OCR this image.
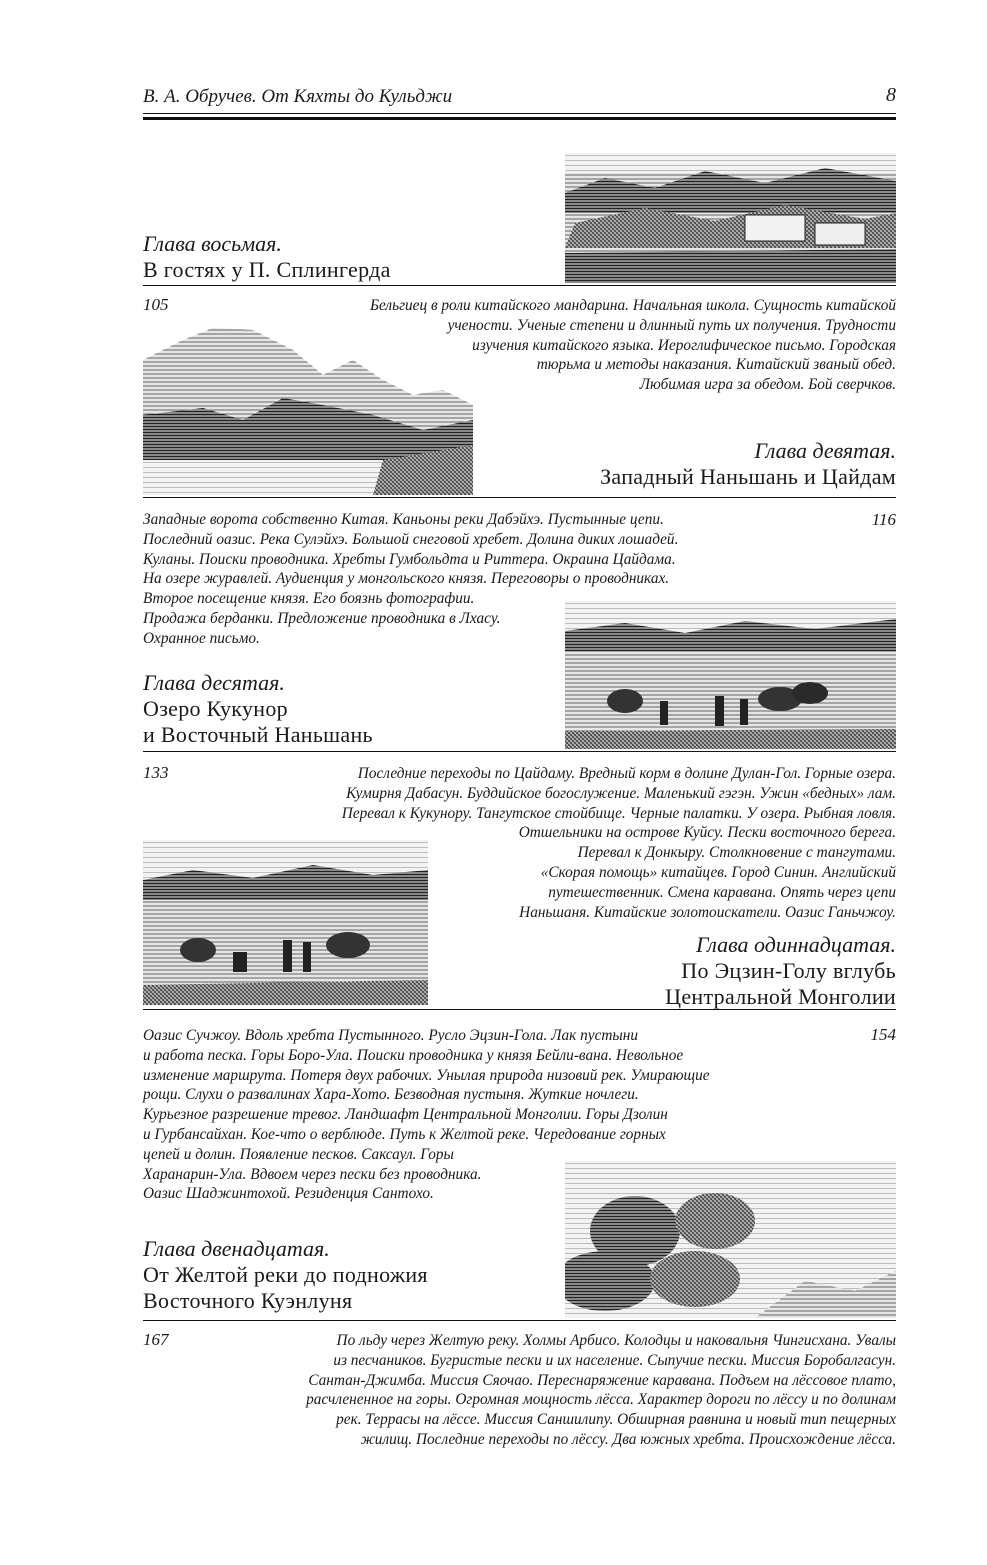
В. А. Обручев. От Кяхты до Кульджи	8
Глава восьмая.
В гостях у П. Сплингерда
105	Бельгиец в роли китайского мандарина. Начальная школа. Сущность китайской
учености. Ученые степени и длинный путь их получения. Трудности
изучения китайского языка. Иероглифическое письмо. Городская
тюрьма и методы наказания. Китайский званый обед.
Любимая игра за обедом. Бой сверчков.
Глава девятая.
Западный Наньшань и Цайдам
116
Западные ворота собственно Китая. Каньоны реки Дабэйхэ. Пустынные цепи.
Последний оазис. Река Сулэйхэ. Большой снеговой хребет. Долина диких лошадей.
Куланы. Поиски проводника. Хребты Гумбольдта и Риттера. Окраина Цайдама.
На озере журавлей. Аудиенция у монгольского князя. Переговоры о проводниках.
Второе посещение князя. Его боязнь фотографии.
Продажа берданки. Предложение проводника в Лхасу.
Охранное письмо.
Глава десятая.
Озеро Кукунор
и Восточный Наньшань
133	Последние переходы по Цайдаму. Вредный корм в долине Дулан-Гол. Горные озера.
Кумирня Дабасун. Буддийское богослужение. Маленький гэгэн. Ужин «бедных» лам.
Перевал к Кукунору. Тангутское стойбище. Черные палатки. У озера. Рыбная ловля.
Отшельники на острове Куйсу. Пески восточного берега.
Перевал к Донкыру. Столкновение с тангутами.
«Скорая помощь» китайцев. Город Синин. Английский
путешественник. Смена каравана. Опять через цепи
Наньшаня. Китайские золотоискатели. Оазис Ганьчжоу.
Глава одиннадцатая.
По Эцзин-Голу вглубь
Центральной Монголии
154
Оазис Сучжоу. Вдоль хребта Пустынного. Русло Эцзин-Гола. Лак пустыни
и работа песка. Горы Боро-Ула. Поиски проводника у князя Бейли-вана. Невольное
изменение маршрута. Потеря двух рабочих. Унылая природа низовий рек. Умирающие
рощи. Слухи о развалинах Хара-Хото. Безводная пустыня. Жуткие ночлеги.
Курьезное разрешение тревог. Ландшафт Центральной Монголии. Горы Дзолин
и Гурбансайхан. Кое-что о верблюде. Путь к Желтой реке. Чередование горных
цепей и долин. Появление песков. Саксаул. Горы
Харанарин-Ула. Вдвоем через пески без проводника.
Оазис Шаджинтохой. Резиденция Сантохо.
Глава двенадцатая.
От Желтой реки до подножия
Восточного Куэнлуня
167	По льду через Желтую реку. Холмы Арбисо. Колодцы и наковальня Чингисхана. Увалы
из песчаников. Бугристые пески и их население. Сыпучие пески. Миссия Боробалгасун.
Сантан-Джимба. Миссия Сяочао. Переснаряжение каравана. Подъем на лёссовое плато,
расчлененное на горы. Огромная мощность лёсса. Характер дороги по лёссу и по долинам
рек. Террасы на лёссе. Миссия Саншилипу. Обширная равнина и новый тип пещерных
жилищ. Последние переходы по лёссу. Два южных хребта. Происхождение лёсса.
